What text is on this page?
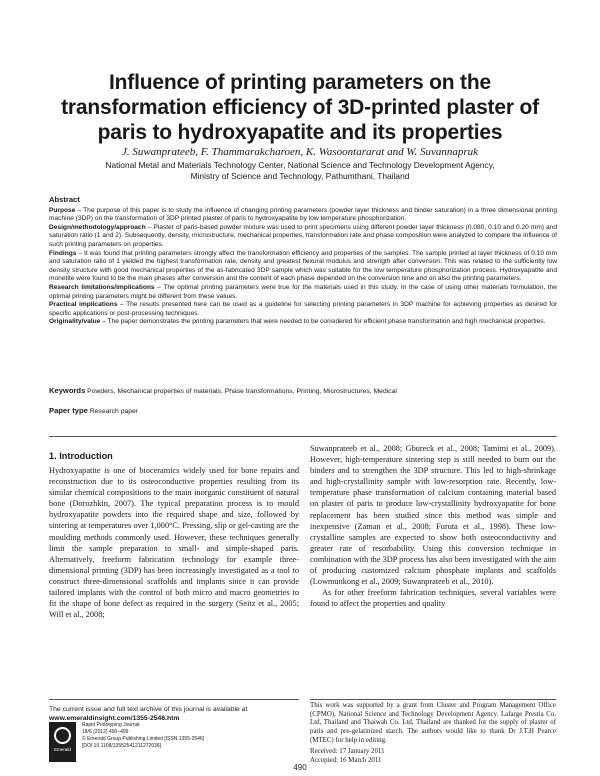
Influence of printing parameters on the transformation efficiency of 3D-printed plaster of paris to hydroxyapatite and its properties
J. Suwanprateeb, F. Thammarakcharoen, K. Wasoontararat and W. Suvannapruk
National Metal and Materials Technology Center, National Science and Technology Development Agency,
Ministry of Science and Technology, Pathumthani, Thailand
Abstract

Purpose – The purpose of this paper is to study the influence of changing printing parameters (powder layer thickness and binder saturation) in a three dimensional printing machine (3DP) on the transformation of 3DP printed plaster of paris to hydroxyapatite by low temperature phosphorization.

Design/methodology/approach – Plaster of paris-based powder mixture was used to print specimens using different powder layer thickness (0.080, 0.10 and 0.20 mm) and saturation ratio (1 and 2). Subsequently, density, microstructure, mechanical properties, transformation rate and phase composition were analyzed to compare the influence of such printing parameters on properties.

Findings – It was found that printing parameters strongly affect the transformation efficiency and properties of the samples. The sample printed at layer thickness of 0.10 mm and saturation ratio of 1 yielded the highest transformation rate, density and greatest flexural modulus and strength after conversion. This was related to the sufficiently low density structure with good mechanical properties of the as-fabricated 3DP sample which was suitable for the low temperature phosphorization process. Hydroxyapatite and monetite were found to be the main phases after conversion and the content of each phase depended on the conversion time and on also the printing parameters.

Research limitations/implications – The optimal printing parameters were true for the materials used in this study. In the case of using other materials formulation, the optimal printing parameters might be different from these values.

Practical implications – The results presented here can be used as a guideline for selecting printing parameters in 3DP machine for achieving properties as desired for specific applications or post-processing techniques.

Originality/value – The paper demonstrates the printing parameters that were needed to be considered for efficient phase transformation and high mechanical properties.

Keywords Powders, Mechanical properties of materials, Phase transformations, Printing, Microstructures, Medical
Paper type Research paper
1. Introduction

Hydroxyapatite is one of bioceramics widely used for bone repairs and reconstruction due to its osteoconductive properties resulting from its similar chemical compositions to the main inorganic constituent of natural bone (Dorozhkin, 2007). The typical preparation process is to mould hydroxyapatite powders into the required shape and size, followed by sintering at temperatures over 1,000°C. Pressing, slip or gel-casting are the moulding methods commonly used. However, these techniques generally limit the sample preparation to small- and simple-shaped parts. Alternatively, freeform fabrication technology for example three-dimensional printing (3DP) has been increasingly investigated as a tool to construct three-dimensional scaffolds and implants since it can provide tailored implants with the control of both micro and macro geometries to fit the shape of bone defect as required in the surgery (Seitz et al., 2005; Will et al., 2008;

Suwanprateeb et al., 2008; Gbureck et al., 2008; Tamimi et al., 2009). However, high-temperature sintering step is still needed to burn out the binders and to strengthen the 3DP structure. This led to high-shrinkage and high-crystallinity sample with low-resorption rate. Recently, low-temperature phase transformation of calcium containing material based on plaster of paris to produce low-crystallinity hydroxyapatite for bone replacement has been studied since this method was simple and inexpensive (Zaman et al., 2008; Furuta et al., 1998). These low-crystalline samples are expected to show both osteoconductivity and greater rate of resorbability. Using this conversion technique in combination with the 3DP process has also been investigated with the aim of producing customized calcium phosphate implants and scaffolds (Lowmunkong et al., 2009; Suwanprateeb et al., 2010).

As for other freeform fabrication techniques, several variables were found to affect the properties and quality

The current issue and full text archive of this journal is available at
www.emeraldinsight.com/1355-2546.htm
Emerald
Rapid Prototyping Journal
18/6 (2012) 490–499
© Emerald Group Publishing Limited [ISSN 1355-2546]
[DOI 10.1108/13552541211272036]
This work was supported by a grant from Cluster and Program Management Office (CPMO), National Science and Technology Development Agency. Lafarge Prestia Co. Ltd, Thailand and Thaiwah Co. Ltd, Thailand are thanked for the supply of plaster of paris and pre-gelatinized starch. The authors would like to thank Dr J.T.H Pearce (MTEC) for help in editing.
Received: 17 January 2011
Accepted: 16 March 2011
490
